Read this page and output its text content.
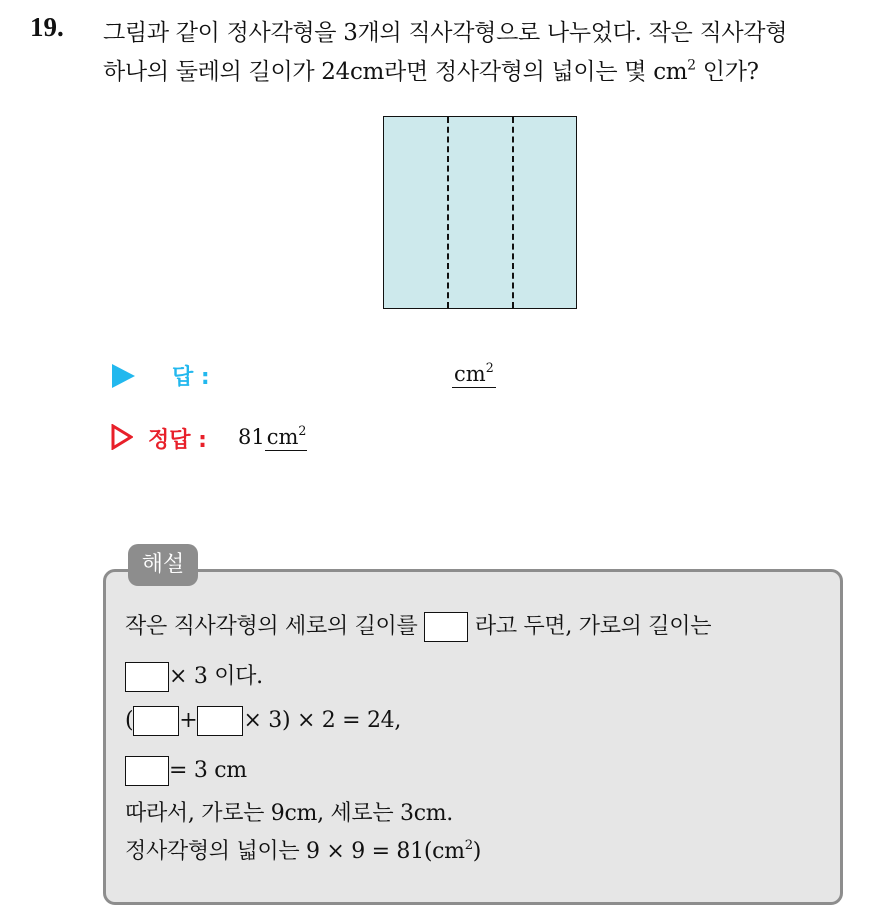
19. 그림과 같이 정사각형을 3개의 직사각형으로 나누었다. 작은 직사각형
하나의 둘레의 길이가 24cm라면 정사각형의 넓이는 몇 $cm^2$ 인가?
답 :	$cm^2$
정답 : $81cm^2$
해설
작은 직사각형의 세로의 길이를	라고 두면, 가로의 길이는
× 3 이다.
( + × 3) × 2 = 24,
= 3 cm
따라서, 가로는 9cm, 세로는 3cm.
정사각형의 넓이는 $9 \times 9 = 81(cm^2)$
